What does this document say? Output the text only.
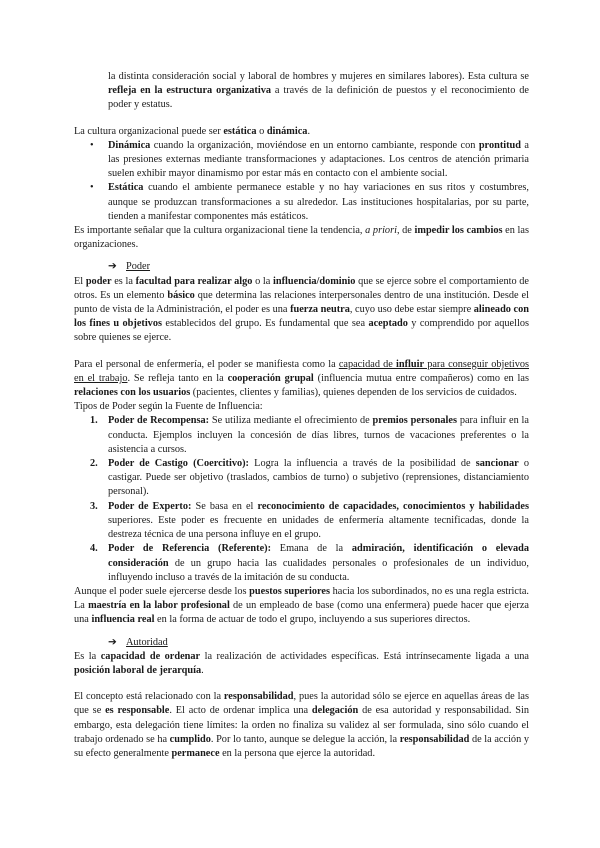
la distinta consideración social y laboral de hombres y mujeres en similares labores). Esta cultura se refleja en la estructura organizativa a través de la definición de puestos y el reconocimiento de poder y estatus.

La cultura organizacional puede ser estática o dinámica.

• Dinámica cuando la organización, moviéndose en un entorno cambiante, responde con prontitud a las presiones externas mediante transformaciones y adaptaciones. Los centros de atención primaria suelen exhibir mayor dinamismo por estar más en contacto con el ambiente social.
• Estática cuando el ambiente permanece estable y no hay variaciones en sus ritos y costumbres, aunque se produzcan transformaciones a su alrededor. Las instituciones hospitalarias, por su parte, tienden a manifestar componentes más estáticos.

Es importante señalar que la cultura organizacional tiene la tendencia, a priori, de impedir los cambios en las organizaciones.

➔ Poder

El poder es la facultad para realizar algo o la influencia/dominio que se ejerce sobre el comportamiento de otros. Es un elemento básico que determina las relaciones interpersonales dentro de una institución. Desde el punto de vista de la Administración, el poder es una fuerza neutra, cuyo uso debe estar siempre alineado con los fines u objetivos establecidos del grupo. Es fundamental que sea aceptado y comprendido por aquellos sobre quienes se ejerce.

Para el personal de enfermería, el poder se manifiesta como la capacidad de influir para conseguir objetivos en el trabajo. Se refleja tanto en la cooperación grupal (influencia mutua entre compañeros) como en las relaciones con los usuarios (pacientes, clientes y familias), quienes dependen de los servicios de cuidados.

Tipos de Poder según la Fuente de Influencia:

1. Poder de Recompensa: Se utiliza mediante el ofrecimiento de premios personales para influir en la conducta. Ejemplos incluyen la concesión de días libres, turnos de vacaciones preferentes o la asistencia a cursos.
2. Poder de Castigo (Coercitivo): Logra la influencia a través de la posibilidad de sancionar o castigar. Puede ser objetivo (traslados, cambios de turno) o subjetivo (reprensiones, distanciamiento personal).
3. Poder de Experto: Se basa en el reconocimiento de capacidades, conocimientos y habilidades superiores. Este poder es frecuente en unidades de enfermería altamente tecnificadas, donde la destreza técnica de una persona influye en el grupo.
4. Poder de Referencia (Referente): Emana de la admiración, identificación o elevada consideración de un grupo hacia las cualidades personales o profesionales de un individuo, influyendo incluso a través de la imitación de su conducta.

Aunque el poder suele ejercerse desde los puestos superiores hacia los subordinados, no es una regla estricta. La maestría en la labor profesional de un empleado de base (como una enfermera) puede hacer que ejerza una influencia real en la forma de actuar de todo el grupo, incluyendo a sus superiores directos.

➔ Autoridad

Es la capacidad de ordenar la realización de actividades específicas. Está intrínsecamente ligada a una posición laboral de jerarquía.

El concepto está relacionado con la responsabilidad, pues la autoridad sólo se ejerce en aquellas áreas de las que se es responsable. El acto de ordenar implica una delegación de esa autoridad y responsabilidad. Sin embargo, esta delegación tiene límites: la orden no finaliza su validez al ser formulada, sino sólo cuando el trabajo ordenado se ha cumplido. Por lo tanto, aunque se delegue la acción, la responsabilidad de la acción y su efecto generalmente permanece en la persona que ejerce la autoridad.
